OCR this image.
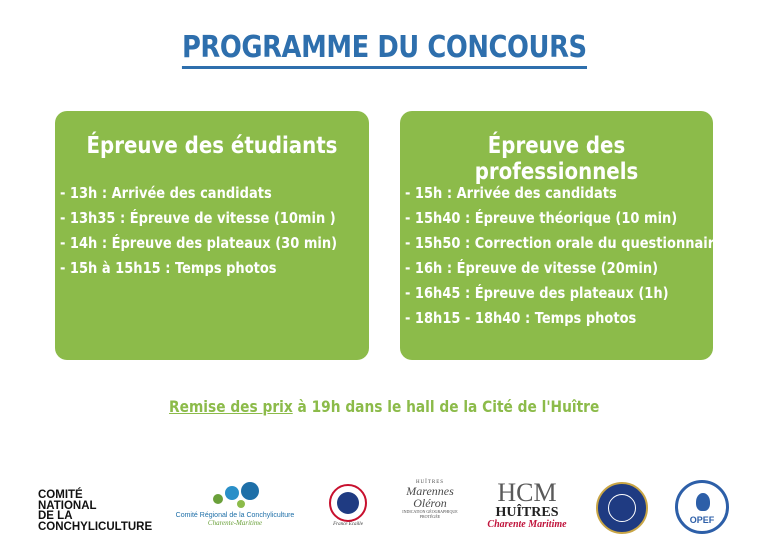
PROGRAMME DU CONCOURS
Épreuve des étudiants
- 13h : Arrivée des candidats
- 13h35 : Épreuve de vitesse (10min )
- 14h : Épreuve des plateaux (30 min)
- 15h à 15h15 : Temps photos
Épreuve des professionnels
- 15h : Arrivée des candidats
- 15h40 : Épreuve théorique (10 min)
- 15h50 : Correction orale du questionnaire
- 16h : Épreuve de vitesse (20min)
- 16h45 : Épreuve des plateaux (1h)
- 18h15 - 18h40 : Temps photos
Remise des prix à 19h dans le hall de la Cité de l'Huître
COMITÉ
NATIONAL
DE LA
CONCHYLICULTURE
Comité Régional de la Conchyliculture
Charente-Maritime	France Ecaille
HUÎTRES
Marennes Oléron
INDICATION GÉOGRAPHIQUE PROTÉGÉE
HCM
HUÎTRES
Charente Maritime	OPEF
